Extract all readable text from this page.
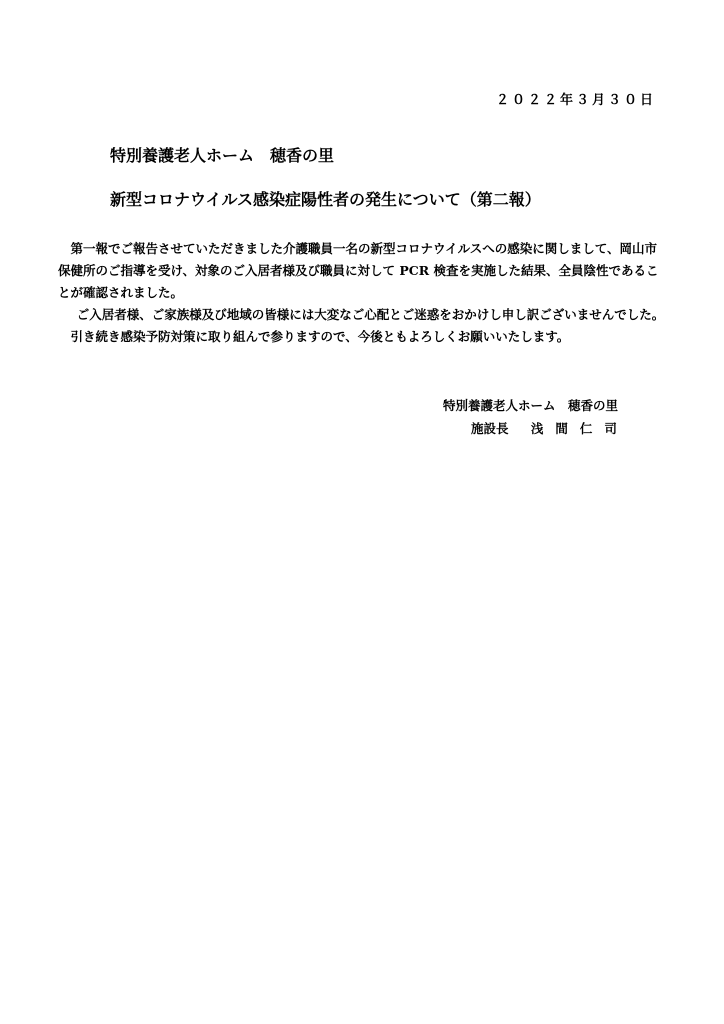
２０２２年３月３０日
特別養護老人ホーム　穂香の里
新型コロナウイルス感染症陽性者の発生について（第二報）

第一報でご報告させていただきました介護職員一名の新型コロナウイルスへの感染に関しまして、岡山市保健所のご指導を受け、対象のご入居者様及び職員に対して PCR 検査を実施した結果、全員陰性であることが確認されました。

ご入居者様、ご家族様及び地域の皆様には大変なご心配とご迷惑をおかけし申し訳ございませんでした。

引き続き感染予防対策に取り組んで参りますので、今後ともよろしくお願いいたします。

特別養護老人ホーム　穂香の里
施設長 浅間仁司
